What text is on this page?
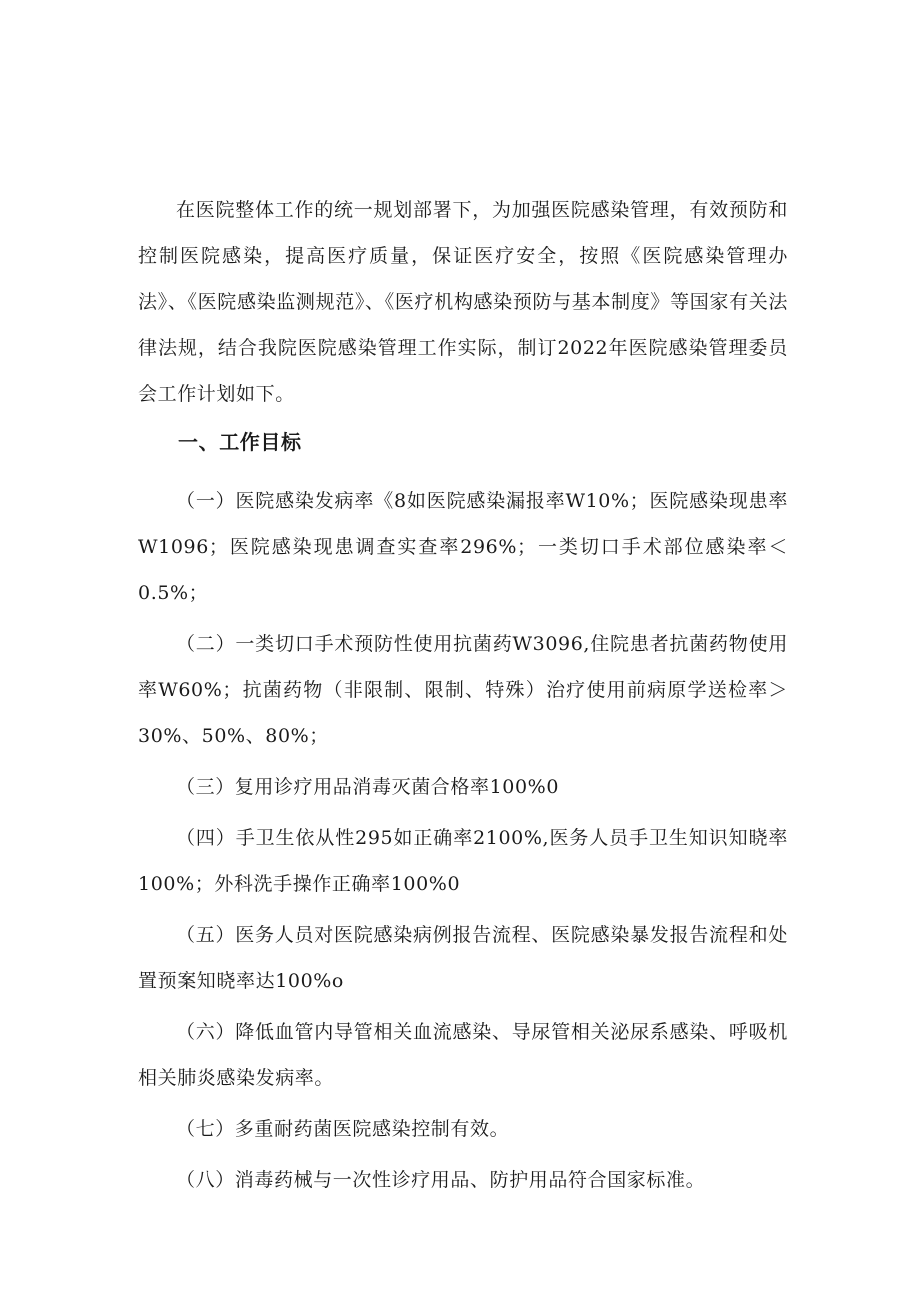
在医院整体工作的统一规划部署下，为加强医院感染管理，有效预防和控制医院感染，提高医疗质量，保证医疗安全，按照《医院感染管理办法》、《医院感染监测规范》、《医疗机构感染预防与基本制度》等国家有关法律法规，结合我院医院感染管理工作实际，制订2022年医院感染管理委员会工作计划如下。

一、工作目标

（一）医院感染发病率《8如医院感染漏报率W10%；医院感染现患率W1096；医院感染现患调查实查率296%；一类切口手术部位感染率＜0.5%；

（二）一类切口手术预防性使用抗菌药W3096,住院患者抗菌药物使用率W60%；抗菌药物（非限制、限制、特殊）治疗使用前病原学送检率＞30%、50%、80%；

（三）复用诊疗用品消毒灭菌合格率100%0

（四）手卫生依从性295如正确率2100%,医务人员手卫生知识知晓率100%；外科洗手操作正确率100%0

（五）医务人员对医院感染病例报告流程、医院感染暴发报告流程和处置预案知晓率达100%o

（六）降低血管内导管相关血流感染、导尿管相关泌尿系感染、呼吸机相关肺炎感染发病率。

（七）多重耐药菌医院感染控制有效。

（八）消毒药械与一次性诊疗用品、防护用品符合国家标准。
